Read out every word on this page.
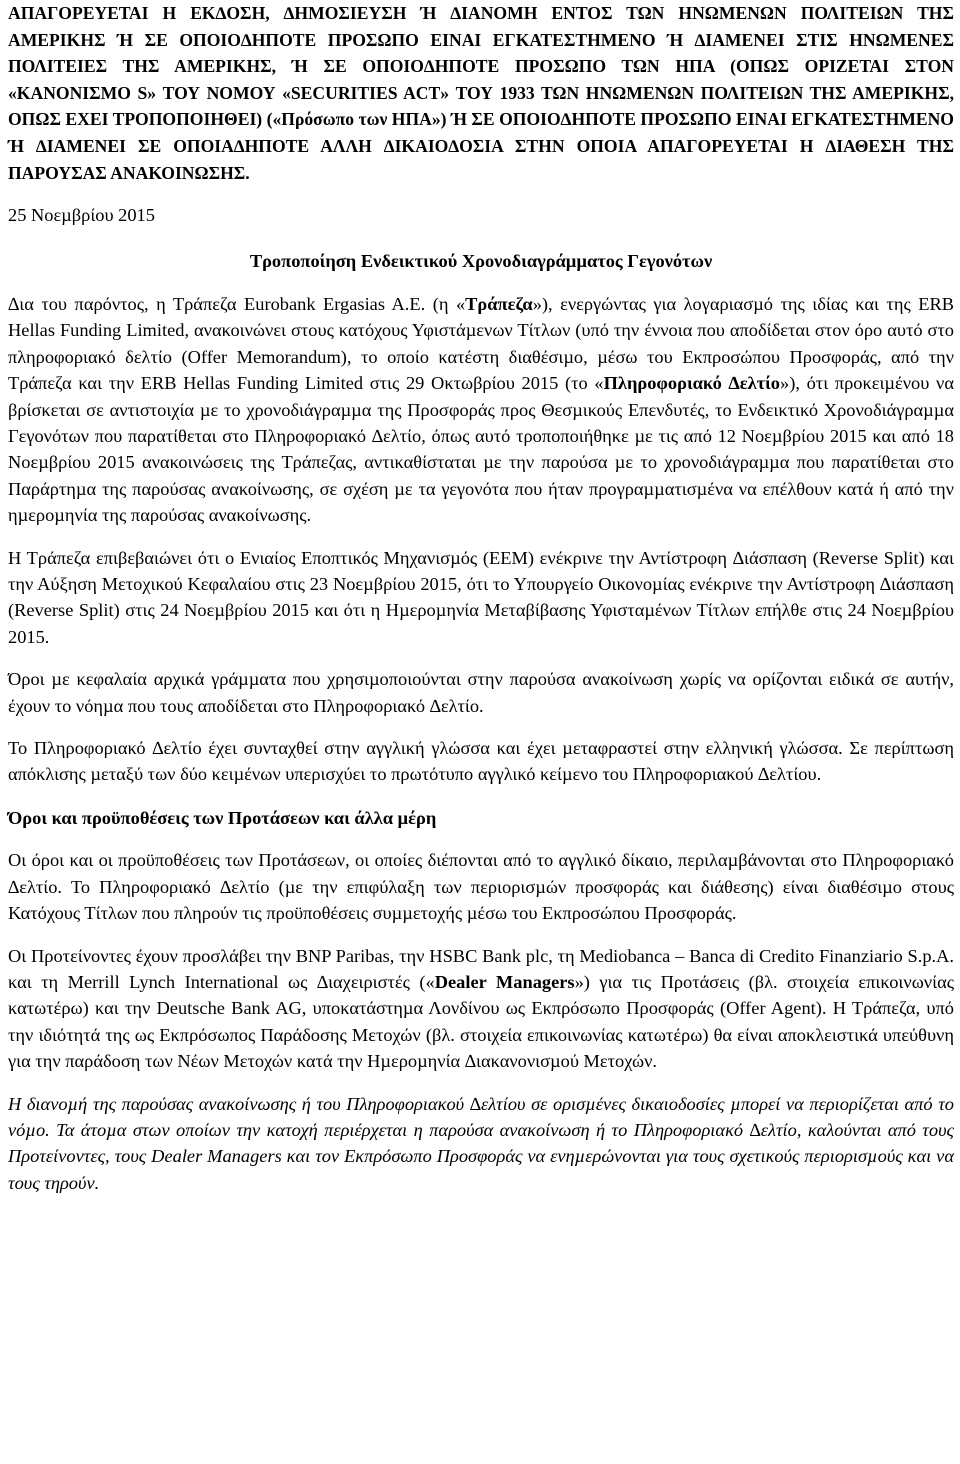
ΑΠΑΓΟΡΕΥΕΤΑΙ Η ΕΚ∆ΟΣΗ, ∆ΗΜΟΣΙΕΥΣΗ Ή ∆ΙΑΝΟΜΗ ΕΝΤΟΣ ΤΩΝ ΗΝΩΜΕΝΩΝ ΠΟΛΙΤΕΙΩΝ ΤΗΣ ΑΜΕΡΙΚΗΣ Ή ΣΕ ΟΠΟΙΟ∆ΗΠΟΤΕ ΠΡΟΣΩΠΟ ΕΙΝΑΙ ΕΓΚΑΤΕΣΤΗΜΕΝΟ Ή ∆ΙΑΜΕΝΕΙ ΣΤΙΣ ΗΝΩΜΕΝΕΣ ΠΟΛΙΤΕΙΕΣ ΤΗΣ ΑΜΕΡΙΚΗΣ, Ή ΣΕ ΟΠΟΙΟ∆ΗΠΟΤΕ ΠΡΟΣΩΠΟ ΤΩΝ ΗΠΑ (ΟΠΩΣ ΟΡΙΖΕΤΑΙ ΣΤΟΝ «ΚΑΝΟΝΙΣΜΟ S» ΤΟΥ ΝΟΜΟΥ «SECURITIES ACT» ΤΟΥ 1933 ΤΩΝ ΗΝΩΜΕΝΩΝ ΠΟΛΙΤΕΙΩΝ ΤΗΣ ΑΜΕΡΙΚΗΣ, ΟΠΩΣ ΕΧΕΙ ΤΡΟΠΟΠΟΙΗΘΕΙ) («Πρόσωπο των ΗΠΑ») Ή ΣΕ ΟΠΟΙΟ∆ΗΠΟΤΕ ΠΡΟΣΩΠΟ ΕΙΝΑΙ ΕΓΚΑΤΕΣΤΗΜΕΝΟ Ή ∆ΙΑΜΕΝΕΙ ΣΕ ΟΠΟΙΑ∆ΗΠΟΤΕ ΑΛΛΗ ∆ΙΚΑΙΟ∆ΟΣΙΑ ΣΤΗΝ ΟΠΟΙΑ ΑΠΑΓΟΡΕΥΕΤΑΙ Η ∆ΙΑΘΕΣΗ ΤΗΣ ΠΑΡΟΥΣΑΣ ΑΝΑΚΟΙΝΩΣΗΣ.

25 Νοεµβρίου 2015

Τροποποίηση Ενδεικτικού Χρονοδιαγράµµατος Γεγονότων

∆ια του παρόντος, η Τράπεζα Eurobank Ergasias A.E. (η «Τράπεζα»), ενεργώντας για λογαριασµό της ιδίας και της ERB Hellas Funding Limited, ανακοινώνει στους κατόχους Υφιστάµενων Τίτλων (υπό την έννοια που αποδίδεται στον όρο αυτό στο πληροφοριακό δελτίο (Offer Memorandum), το οποίο κατέστη διαθέσιµο, µέσω του Εκπροσώπου Προσφοράς, από την Τράπεζα και την ERB Hellas Funding Limited στις 29 Οκτωβρίου 2015 (το «Πληροφοριακό ∆ελτίο»), ότι προκειµένου να βρίσκεται σε αντιστοιχία µε το χρονοδιάγραµµα της Προσφοράς προς Θεσµικούς Επενδυτές, το Ενδεικτικό Χρονοδιάγραµµα Γεγονότων που παρατίθεται στο Πληροφοριακό ∆ελτίο, όπως αυτό τροποποιήθηκε µε τις από 12 Νοεµβρίου 2015 και από 18 Νοεµβρίου 2015 ανακοινώσεις της Τράπεζας, αντικαθίσταται µε την παρούσα µε το χρονοδιάγραµµα που παρατίθεται στο Παράρτηµα της παρούσας ανακοίνωσης, σε σχέση µε τα γεγονότα που ήταν προγραµµατισµένα να επέλθουν κατά ή από την ηµεροµηνία της παρούσας ανακοίνωσης.

Η Τράπεζα επιβεβαιώνει ότι ο Ενιαίος Εποπτικός Μηχανισµός (ΕΕΜ) ενέκρινε την Αντίστροφη ∆ιάσπαση (Reverse Split) και την Αύξηση Μετοχικού Κεφαλαίου στις 23 Νοεµβρίου 2015, ότι το Υπουργείο Οικονοµίας ενέκρινε την Αντίστροφη ∆ιάσπαση (Reverse Split) στις 24 Νοεµβρίου 2015 και ότι η Ηµεροµηνία Μεταβίβασης Υφισταµένων Τίτλων επήλθε στις 24 Νοεµβρίου 2015.

Όροι µε κεφαλαία αρχικά γράµµατα που χρησιµοποιούνται στην παρούσα ανακοίνωση χωρίς να ορίζονται ειδικά σε αυτήν, έχουν το νόηµα που τους αποδίδεται στο Πληροφοριακό ∆ελτίο.

Το Πληροφοριακό ∆ελτίο έχει συνταχθεί στην αγγλική γλώσσα και έχει µεταφραστεί στην ελληνική γλώσσα. Σε περίπτωση απόκλισης µεταξύ των δύο κειµένων υπερισχύει το πρωτότυπο αγγλικό κείµενο του Πληροφοριακού ∆ελτίου.

Όροι και προϋποθέσεις των Προτάσεων και άλλα µέρη

Οι όροι και οι προϋποθέσεις των Προτάσεων, οι οποίες διέπονται από το αγγλικό δίκαιο, περιλαµβάνονται στο Πληροφοριακό ∆ελτίο. Το Πληροφοριακό ∆ελτίο (µε την επιφύλαξη των περιορισµών προσφοράς και διάθεσης) είναι διαθέσιµο στους Κατόχους Τίτλων που πληρούν τις προϋποθέσεις συµµετοχής µέσω του Εκπροσώπου Προσφοράς.

Οι Προτείνοντες έχουν προσλάβει την BNP Paribas, την HSBC Bank plc, τη Mediobanca – Banca di Credito Finanziario S.p.A. και τη Merrill Lynch International ως ∆ιαχειριστές («Dealer Managers») για τις Προτάσεις (βλ. στοιχεία επικοινωνίας κατωτέρω) και την Deutsche Bank AG, υποκατάστηµα Λονδίνου ως Εκπρόσωπο Προσφοράς (Offer Agent). Η Τράπεζα, υπό την ιδιότητά της ως Εκπρόσωπος Παράδοσης Μετοχών (βλ. στοιχεία επικοινωνίας κατωτέρω) θα είναι αποκλειστικά υπεύθυνη για την παράδοση των Νέων Μετοχών κατά την Ηµεροµηνία ∆ιακανονισµού Μετοχών.

Η διανοµή της παρούσας ανακοίνωσης ή του Πληροφοριακού ∆ελτίου σε ορισµένες δικαιοδοσίες µπορεί να περιορίζεται από το νόµο. Τα άτοµα στων οποίων την κατοχή περιέρχεται η παρούσα ανακοίνωση ή το Πληροφοριακό ∆ελτίο, καλούνται από τους Προτείνοντες, τους Dealer Managers και τον Εκπρόσωπο Προσφοράς να ενηµερώνονται για τους σχετικούς περιορισµούς και να τους τηρούν.
